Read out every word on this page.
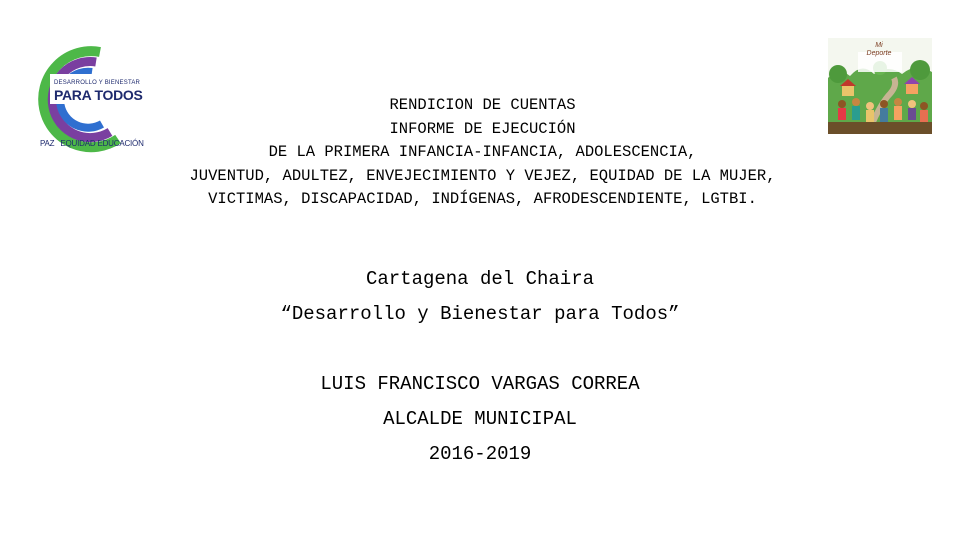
DESARROLLO Y BIENESTAR
PARA TODOS
PAZ EQUIDAD EDUCACIÓN
Mi Deporte
RENDICION DE CUENTAS
INFORME DE EJECUCIÓN
DE LA PRIMERA INFANCIA-INFANCIA, ADOLESCENCIA,
JUVENTUD, ADULTEZ, ENVEJECIMIENTO Y VEJEZ, EQUIDAD DE LA MUJER,
VICTIMAS, DISCAPACIDAD, INDÍGENAS, AFRODESCENDIENTE, LGTBI.
Cartagena del Chaira
“Desarrollo y Bienestar para Todos”
LUIS FRANCISCO VARGAS CORREA
ALCALDE MUNICIPAL
2016-2019
